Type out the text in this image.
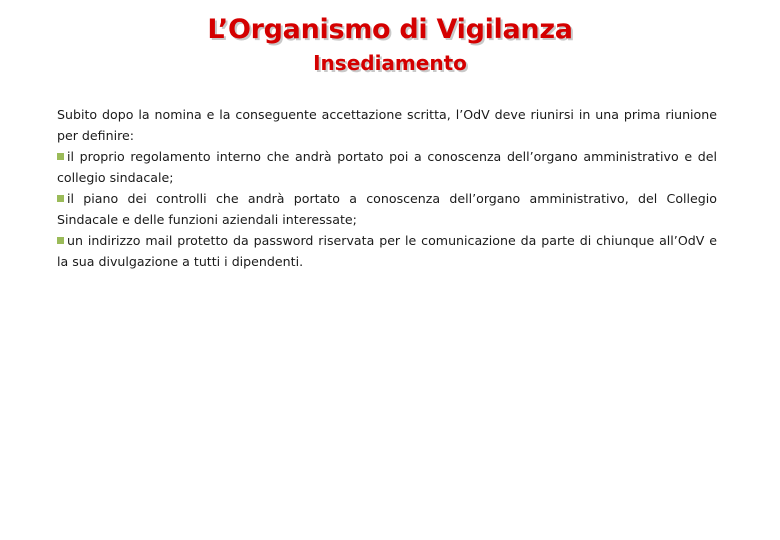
L’Organismo di Vigilanza
Insediamento

Subito dopo la nomina e la conseguente accettazione scritta, l’OdV deve riunirsi in una prima riunione per definire:

il proprio regolamento interno che andrà portato poi a conoscenza dell’organo amministrativo e del collegio sindacale;

il piano dei controlli che andrà portato a conoscenza dell’organo amministrativo, del Collegio Sindacale e delle funzioni aziendali interessate;

un indirizzo mail protetto da password riservata per le comunicazione da parte di chiunque all’OdV e la sua divulgazione a tutti i dipendenti.
